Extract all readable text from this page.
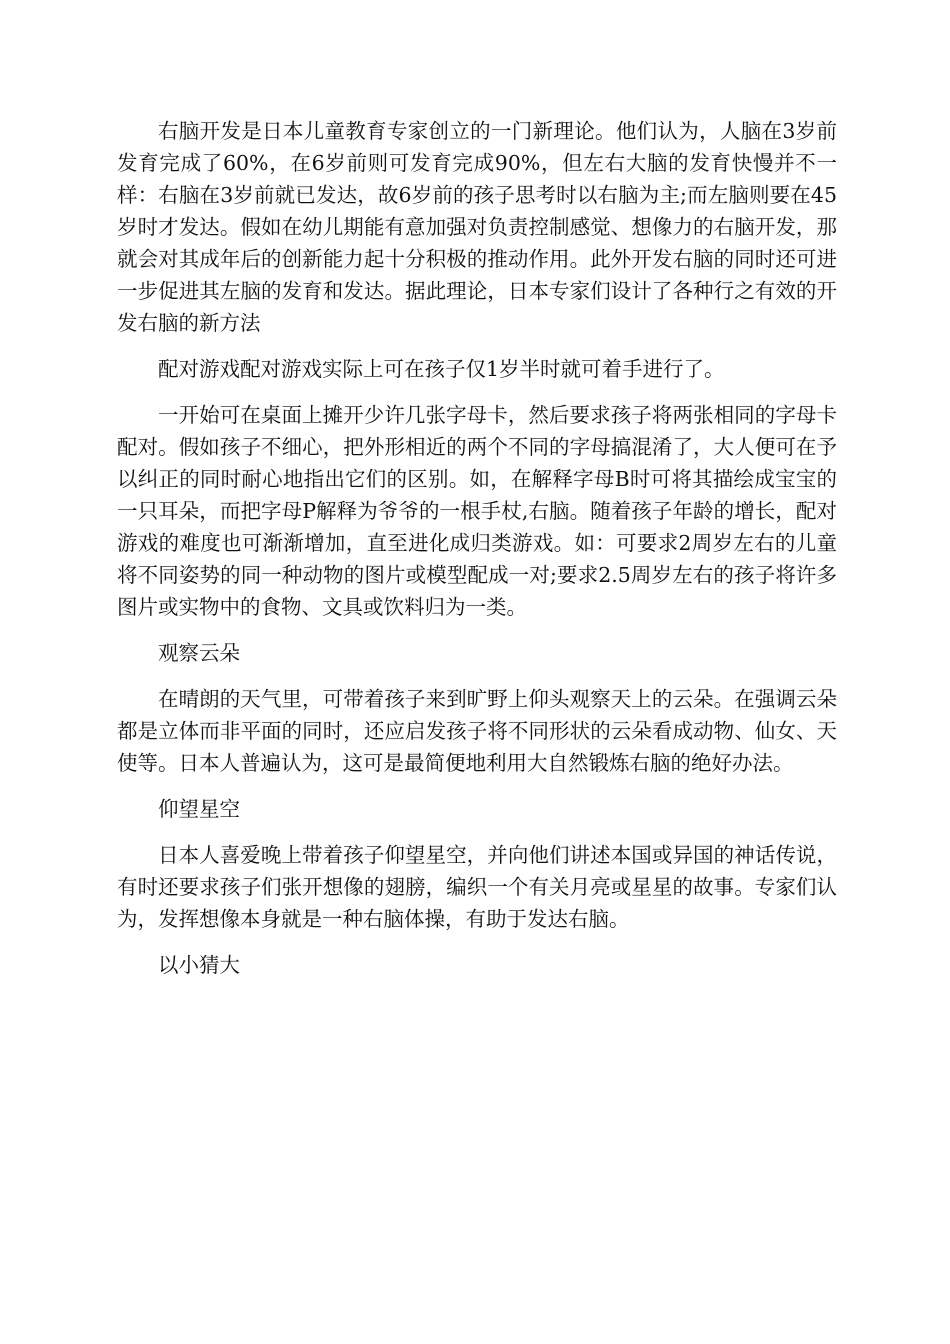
右脑开发是日本儿童教育专家创立的一门新理论。他们认为，人脑在3岁前发育完成了60%，在6岁前则可发育完成90%，但左右大脑的发育快慢并不一样：右脑在3岁前就已发达，故6岁前的孩子思考时以右脑为主;而左脑则要在45岁时才发达。假如在幼儿期能有意加强对负责控制感觉、想像力的右脑开发，那就会对其成年后的创新能力起十分积极的推动作用。此外开发右脑的同时还可进一步促进其左脑的发育和发达。据此理论，日本专家们设计了各种行之有效的开发右脑的新方法

配对游戏配对游戏实际上可在孩子仅1岁半时就可着手进行了。

一开始可在桌面上摊开少许几张字母卡，然后要求孩子将两张相同的字母卡配对。假如孩子不细心，把外形相近的两个不同的字母搞混淆了，大人便可在予以纠正的同时耐心地指出它们的区别。如，在解释字母B时可将其描绘成宝宝的一只耳朵，而把字母P解释为爷爷的一根手杖,右脑。随着孩子年龄的增长，配对游戏的难度也可渐渐增加，直至进化成归类游戏。如：可要求2周岁左右的儿童将不同姿势的同一种动物的图片或模型配成一对;要求2.5周岁左右的孩子将许多图片或实物中的食物、文具或饮料归为一类。

观察云朵

在晴朗的天气里，可带着孩子来到旷野上仰头观察天上的云朵。在强调云朵都是立体而非平面的同时，还应启发孩子将不同形状的云朵看成动物、仙女、天使等。日本人普遍认为，这可是最简便地利用大自然锻炼右脑的绝好办法。

仰望星空

日本人喜爱晚上带着孩子仰望星空，并向他们讲述本国或异国的神话传说，有时还要求孩子们张开想像的翅膀，编织一个有关月亮或星星的故事。专家们认为，发挥想像本身就是一种右脑体操，有助于发达右脑。

以小猜大
